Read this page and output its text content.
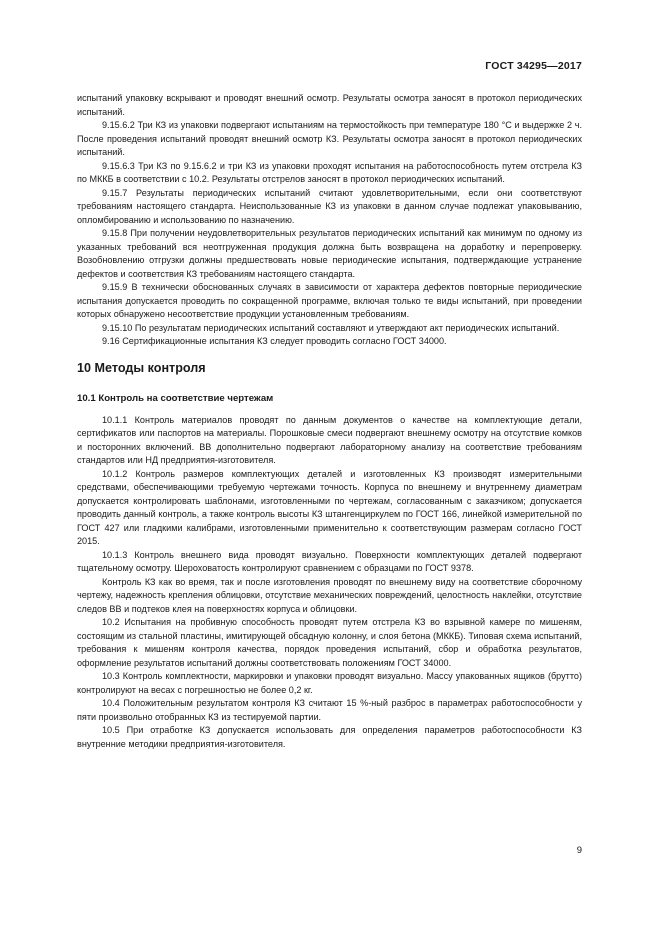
ГОСТ 34295—2017

испытаний упаковку вскрывают и проводят внешний осмотр. Результаты осмотра заносят в протокол периодических испытаний.

9.15.6.2 Три КЗ из упаковки подвергают испытаниям на термостойкость при температуре 180 °С и выдержке 2 ч. После проведения испытаний проводят внешний осмотр КЗ. Результаты осмотра заносят в протокол периодических испытаний.

9.15.6.3 Три КЗ по 9.15.6.2 и три КЗ из упаковки проходят испытания на работоспособность путем отстрела КЗ по МККБ в соответствии с 10.2. Результаты отстрелов заносят в протокол периодических испытаний.

9.15.7 Результаты периодических испытаний считают удовлетворительными, если они соответствуют требованиям настоящего стандарта. Неиспользованные КЗ из упаковки в данном случае подлежат упаковыванию, опломбированию и использованию по назначению.

9.15.8 При получении неудовлетворительных результатов периодических испытаний как минимум по одному из указанных требований вся неотгруженная продукция должна быть возвращена на доработку и перепроверку. Возобновлению отгрузки должны предшествовать новые периодические испытания, подтверждающие устранение дефектов и соответствия КЗ требованиям настоящего стандарта.

9.15.9 В технически обоснованных случаях в зависимости от характера дефектов повторные периодические испытания допускается проводить по сокращенной программе, включая только те виды испытаний, при проведении которых обнаружено несоответствие продукции установленным требованиям.

9.15.10 По результатам периодических испытаний составляют и утверждают акт периодических испытаний.

9.16 Сертификационные испытания КЗ следует проводить согласно ГОСТ 34000.

10 Методы контроля
10.1 Контроль на соответствие чертежам

10.1.1 Контроль материалов проводят по данным документов о качестве на комплектующие детали, сертификатов или паспортов на материалы. Порошковые смеси подвергают внешнему осмотру на отсутствие комков и посторонних включений. ВВ дополнительно подвергают лабораторному анализу на соответствие требованиям стандартов или НД предприятия-изготовителя.

10.1.2 Контроль размеров комплектующих деталей и изготовленных КЗ производят измерительными средствами, обеспечивающими требуемую чертежами точность. Корпуса по внешнему и внутреннему диаметрам допускается контролировать шаблонами, изготовленными по чертежам, согласованным с заказчиком; допускается проводить данный контроль, а также контроль высоты КЗ штангенциркулем по ГОСТ 166, линейкой измерительной по ГОСТ 427 или гладкими калибрами, изготовленными применительно к соответствующим размерам согласно ГОСТ 2015.

10.1.3 Контроль внешнего вида проводят визуально. Поверхности комплектующих деталей подвергают тщательному осмотру. Шероховатость контролируют сравнением с образцами по ГОСТ 9378.

Контроль КЗ как во время, так и после изготовления проводят по внешнему виду на соответствие сборочному чертежу, надежность крепления облицовки, отсутствие механических повреждений, целостность наклейки, отсутствие следов ВВ и подтеков клея на поверхностях корпуса и облицовки.

10.2 Испытания на пробивную способность проводят путем отстрела КЗ во взрывной камере по мишеням, состоящим из стальной пластины, имитирующей обсадную колонну, и слоя бетона (МККБ). Типовая схема испытаний, требования к мишеням контроля качества, порядок проведения испытаний, сбор и обработка результатов, оформление результатов испытаний должны соответствовать положениям ГОСТ 34000.

10.3 Контроль комплектности, маркировки и упаковки проводят визуально. Массу упакованных ящиков (брутто) контролируют на весах с погрешностью не более 0,2 кг.

10.4 Положительным результатом контроля КЗ считают 15 %-ный разброс в параметрах работоспособности у пяти произвольно отобранных КЗ из тестируемой партии.

10.5 При отработке КЗ допускается использовать для определения параметров работоспособности КЗ внутренние методики предприятия-изготовителя.

9
